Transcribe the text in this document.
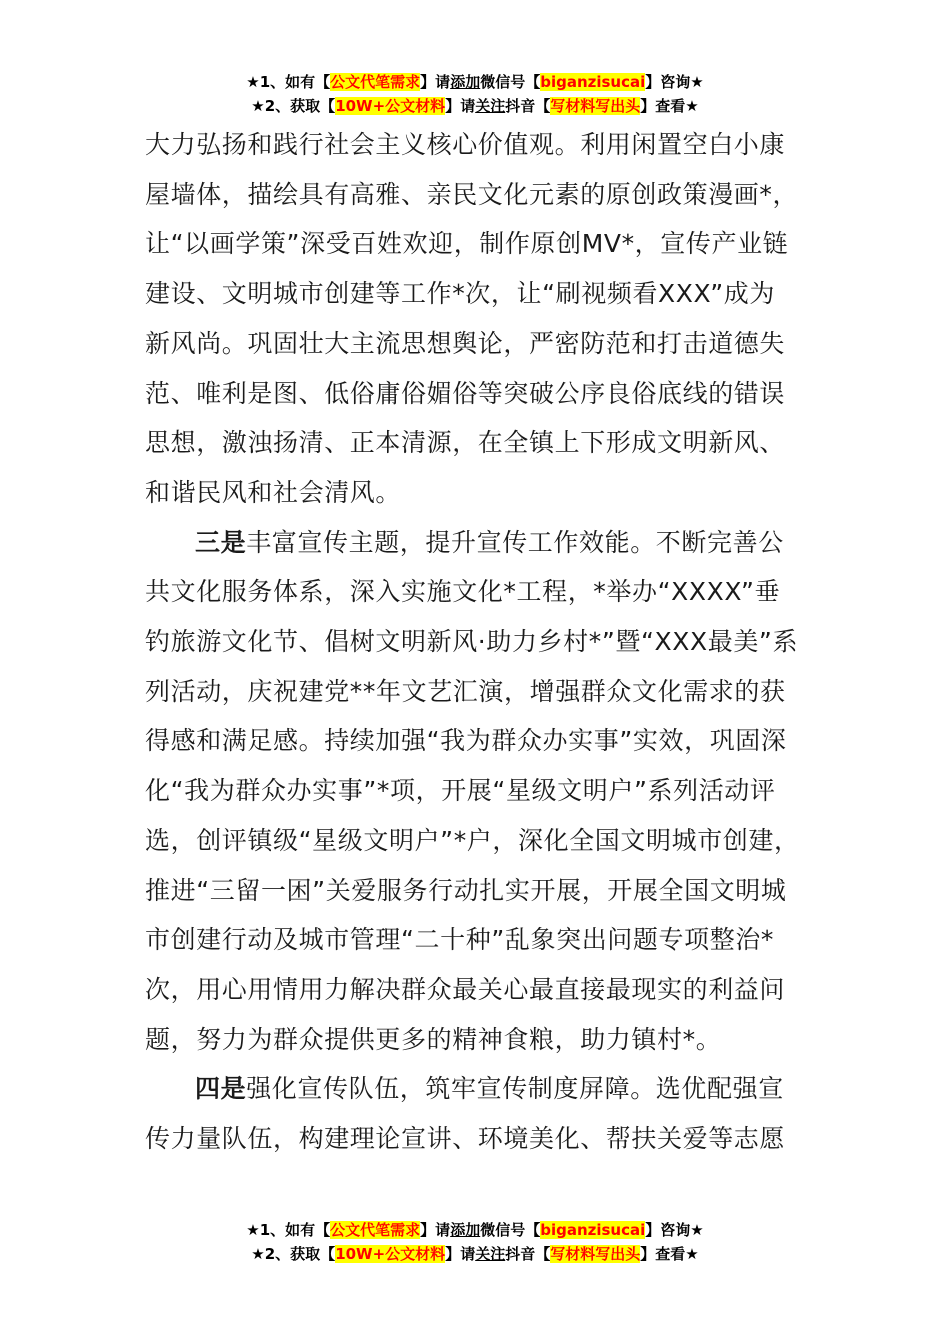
★1、如有【公文代笔需求】请添加微信号【biganzisucai】咨询★
★2、获取【10W+公文材料】请关注抖音【写材料写出头】查看★

大力弘扬和践行社会主义核心价值观。利用闲置空白小康屋墙体，描绘具有高雅、亲民文化元素的原创政策漫画*，让“以画学策”深受百姓欢迎，制作原创MV*，宣传产业链建设、文明城市创建等工作*次，让“刷视频看XXX”成为新风尚。巩固壮大主流思想舆论，严密防范和打击道德失范、唯利是图、低俗庸俗媚俗等突破公序良俗底线的错误思想，激浊扬清、正本清源，在全镇上下形成文明新风、和谐民风和社会清风。

三是丰富宣传主题，提升宣传工作效能。不断完善公共文化服务体系，深入实施文化*工程，*举办“XXXX”垂钓旅游文化节、倡树文明新风·助力乡村*”暨“XXX最美”系列活动，庆祝建党**年文艺汇演，增强群众文化需求的获得感和满足感。持续加强“我为群众办实事”实效，巩固深化“我为群众办实事”*项，开展“星级文明户”系列活动评选，创评镇级“星级文明户”*户，深化全国文明城市创建，推进“三留一困”关爱服务行动扎实开展，开展全国文明城市创建行动及城市管理“二十种”乱象突出问题专项整治*次，用心用情用力解决群众最关心最直接最现实的利益问题，努力为群众提供更多的精神食粮，助力镇村*。

四是强化宣传队伍，筑牢宣传制度屏障。选优配强宣传力量队伍，构建理论宣讲、环境美化、帮扶关爱等志愿

★1、如有【公文代笔需求】请添加微信号【biganzisucai】咨询★
★2、获取【10W+公文材料】请关注抖音【写材料写出头】查看★
